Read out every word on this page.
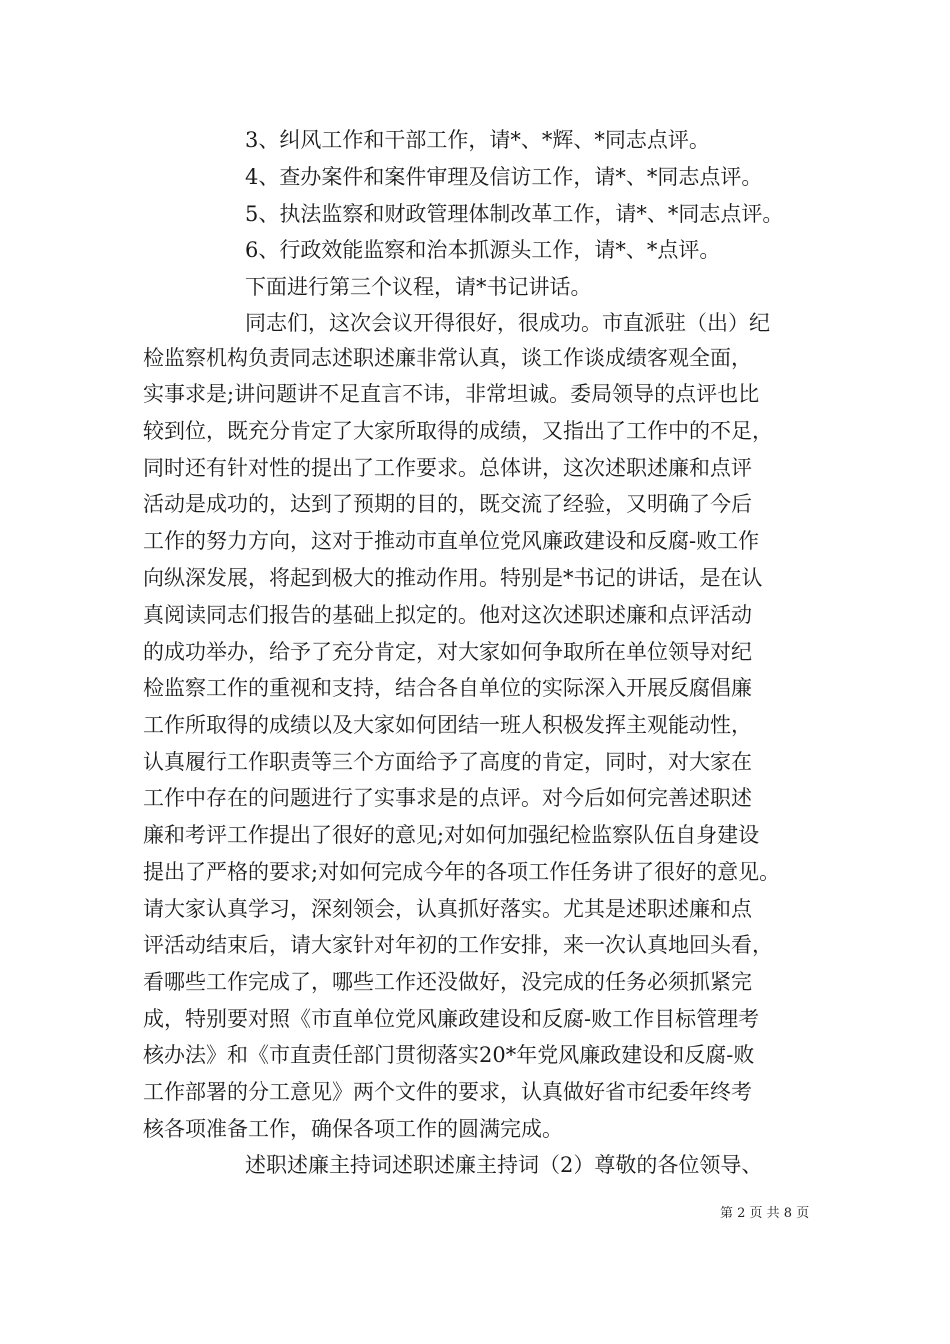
3、纠风工作和干部工作，请*、*辉、*同志点评。
4、查办案件和案件审理及信访工作，请*、*同志点评。
5、执法监察和财政管理体制改革工作，请*、*同志点评。
6、行政效能监察和治本抓源头工作，请*、*点评。
下面进行第三个议程，请*书记讲话。
同志们，这次会议开得很好，很成功。市直派驻（出）纪
检监察机构负责同志述职述廉非常认真，谈工作谈成绩客观全面，
实事求是;讲问题讲不足直言不讳，非常坦诚。委局领导的点评也比
较到位，既充分肯定了大家所取得的成绩，又指出了工作中的不足，
同时还有针对性的提出了工作要求。总体讲，这次述职述廉和点评
活动是成功的，达到了预期的目的，既交流了经验，又明确了今后
工作的努力方向，这对于推动市直单位党风廉政建设和反腐-败工作
向纵深发展，将起到极大的推动作用。特别是*书记的讲话，是在认
真阅读同志们报告的基础上拟定的。他对这次述职述廉和点评活动
的成功举办，给予了充分肯定，对大家如何争取所在单位领导对纪
检监察工作的重视和支持，结合各自单位的实际深入开展反腐倡廉
工作所取得的成绩以及大家如何团结一班人积极发挥主观能动性，
认真履行工作职责等三个方面给予了高度的肯定，同时，对大家在
工作中存在的问题进行了实事求是的点评。对今后如何完善述职述
廉和考评工作提出了很好的意见;对如何加强纪检监察队伍自身建设
提出了严格的要求;对如何完成今年的各项工作任务讲了很好的意见。
请大家认真学习，深刻领会，认真抓好落实。尤其是述职述廉和点
评活动结束后，请大家针对年初的工作安排，来一次认真地回头看，
看哪些工作完成了，哪些工作还没做好，没完成的任务必须抓紧完
成，特别要对照《市直单位党风廉政建设和反腐-败工作目标管理考
核办法》和《市直责任部门贯彻落实20*年党风廉政建设和反腐-败
工作部署的分工意见》两个文件的要求，认真做好省市纪委年终考
核各项准备工作，确保各项工作的圆满完成。
述职述廉主持词述职述廉主持词（2）尊敬的各位领导、
第 2 页 共 8 页
